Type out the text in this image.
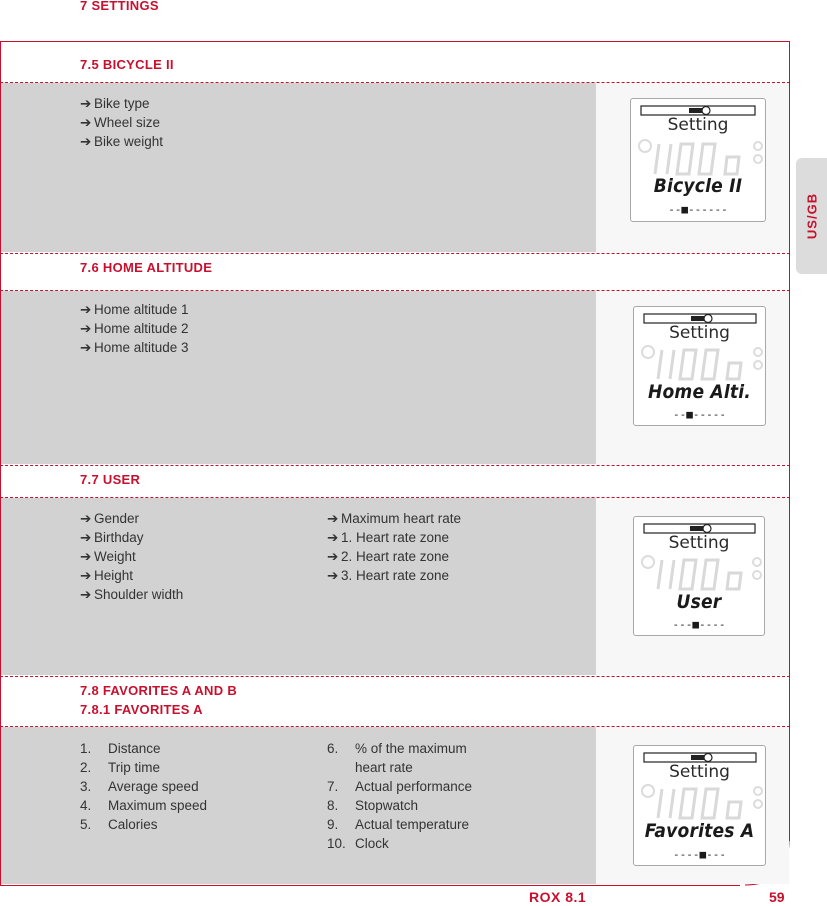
7 SETTINGS
7.5 BICYCLE II
➔ Bike type
➔ Wheel size
➔ Bike weight
Setting
Bicycle II
--■------
7.6 HOME ALTITUDE
➔ Home altitude 1
➔ Home altitude 2
➔ Home altitude 3
Setting
Home Alti.
--■-----
7.7 USER
➔ Gender
➔ Birthday
➔ Weight
➔ Height
➔ Shoulder width
➔ Maximum heart rate
➔ 1. Heart rate zone
➔ 2. Heart rate zone
➔ 3. Heart rate zone
Setting
User
---■----
7.8 FAVORITES A AND B
7.8.1 FAVORITES A
1. Distance
2. Trip time
3. Average speed
4. Maximum speed
5. Calories
6. % of the maximum heart rate
7. Actual performance
8. Stopwatch
9. Actual temperature
10. Clock
Setting
Favorites A
----■---
US/GB
ROX 8.1	59
